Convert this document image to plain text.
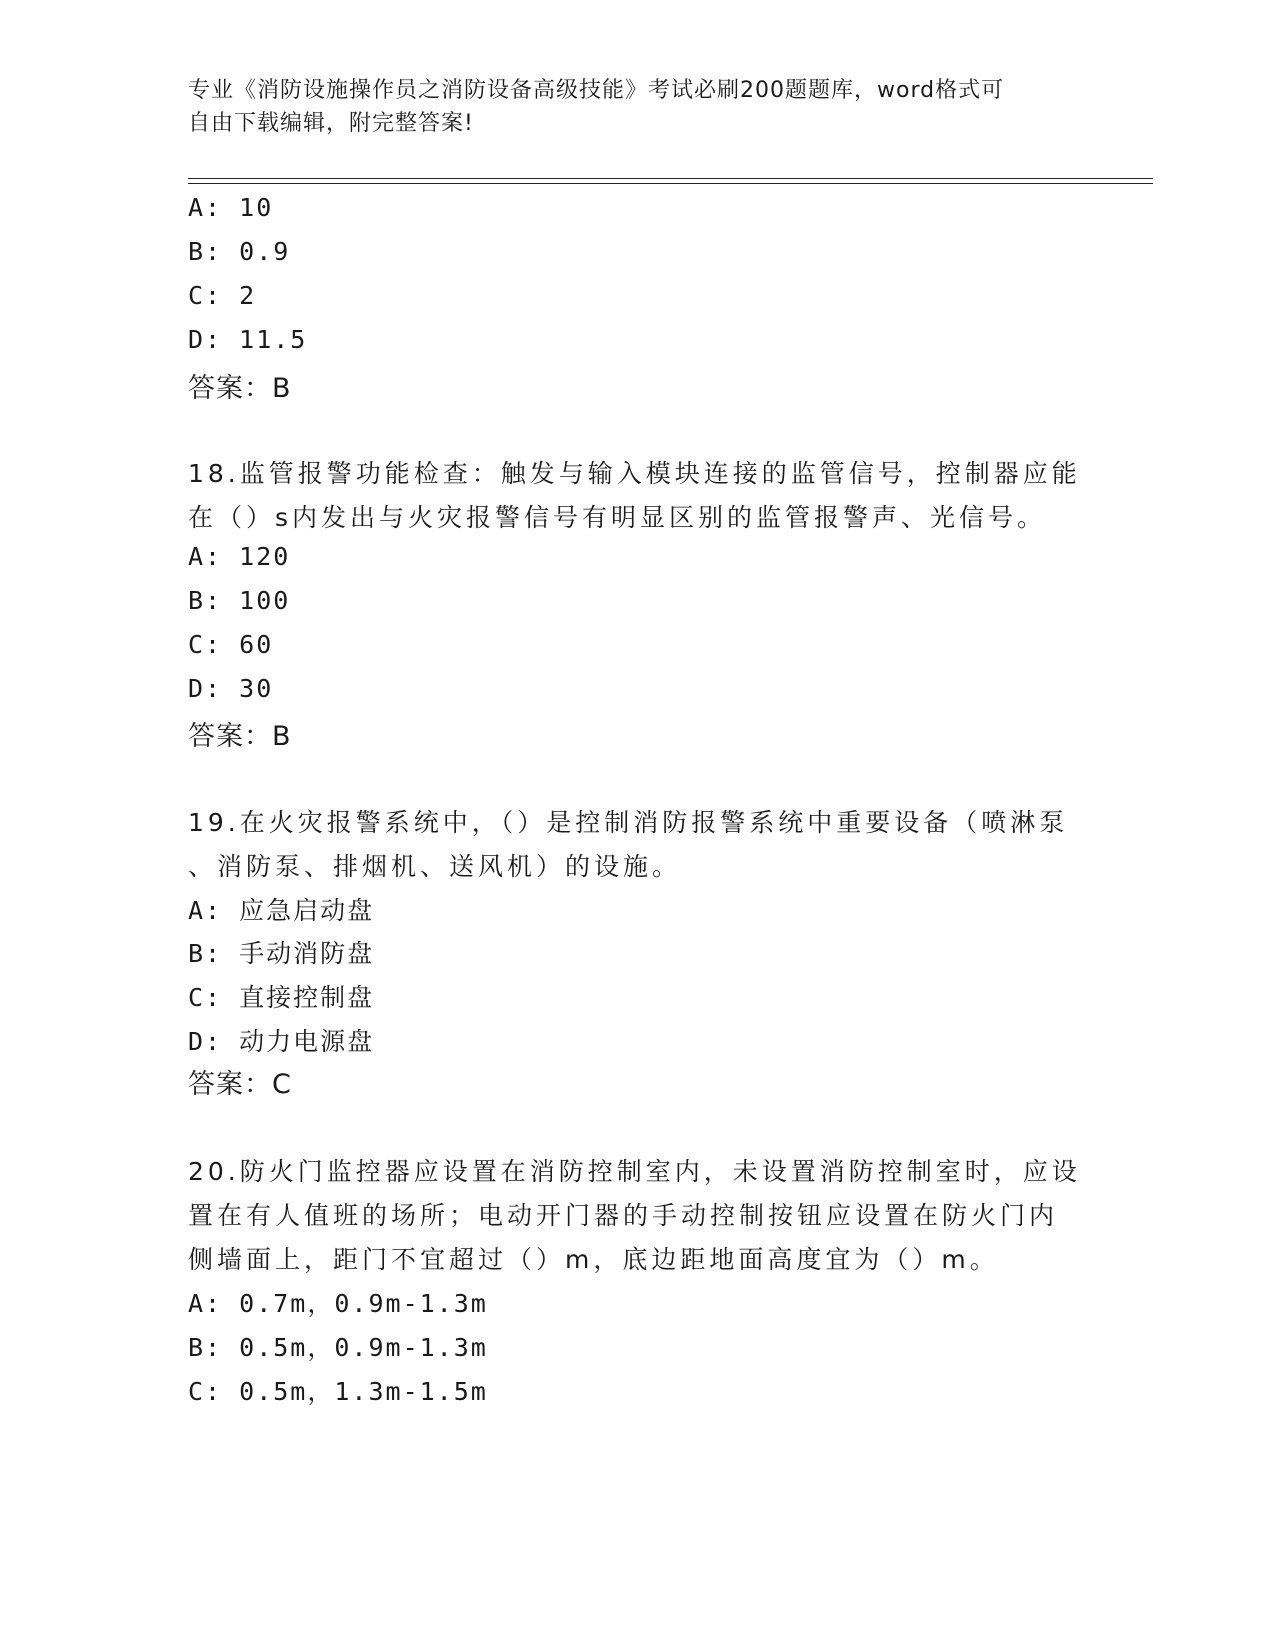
专业《消防设施操作员之消防设备高级技能》考试必刷200题题库，word格式可
自由下载编辑，附完整答案!
A: 10
B: 0.9
C: 2
D: 11.5
答案：B
18.监管报警功能检查：触发与输入模块连接的监管信号，控制器应能
在（）s内发出与火灾报警信号有明显区别的监管报警声、光信号。
A: 120
B: 100
C: 60
D: 30
答案：B
19.在火灾报警系统中，（）是控制消防报警系统中重要设备（喷淋泵
、消防泵、排烟机、送风机）的设施。
A: 应急启动盘
B: 手动消防盘
C: 直接控制盘
D: 动力电源盘
答案：C
20.防火门监控器应设置在消防控制室内，未设置消防控制室时，应设
置在有人值班的场所；电动开门器的手动控制按钮应设置在防火门内
侧墙面上，距门不宜超过（）m，底边距地面高度宜为（）m。
A: 0.7m，0.9m-1.3m
B: 0.5m，0.9m-1.3m
C: 0.5m，1.3m-1.5m
